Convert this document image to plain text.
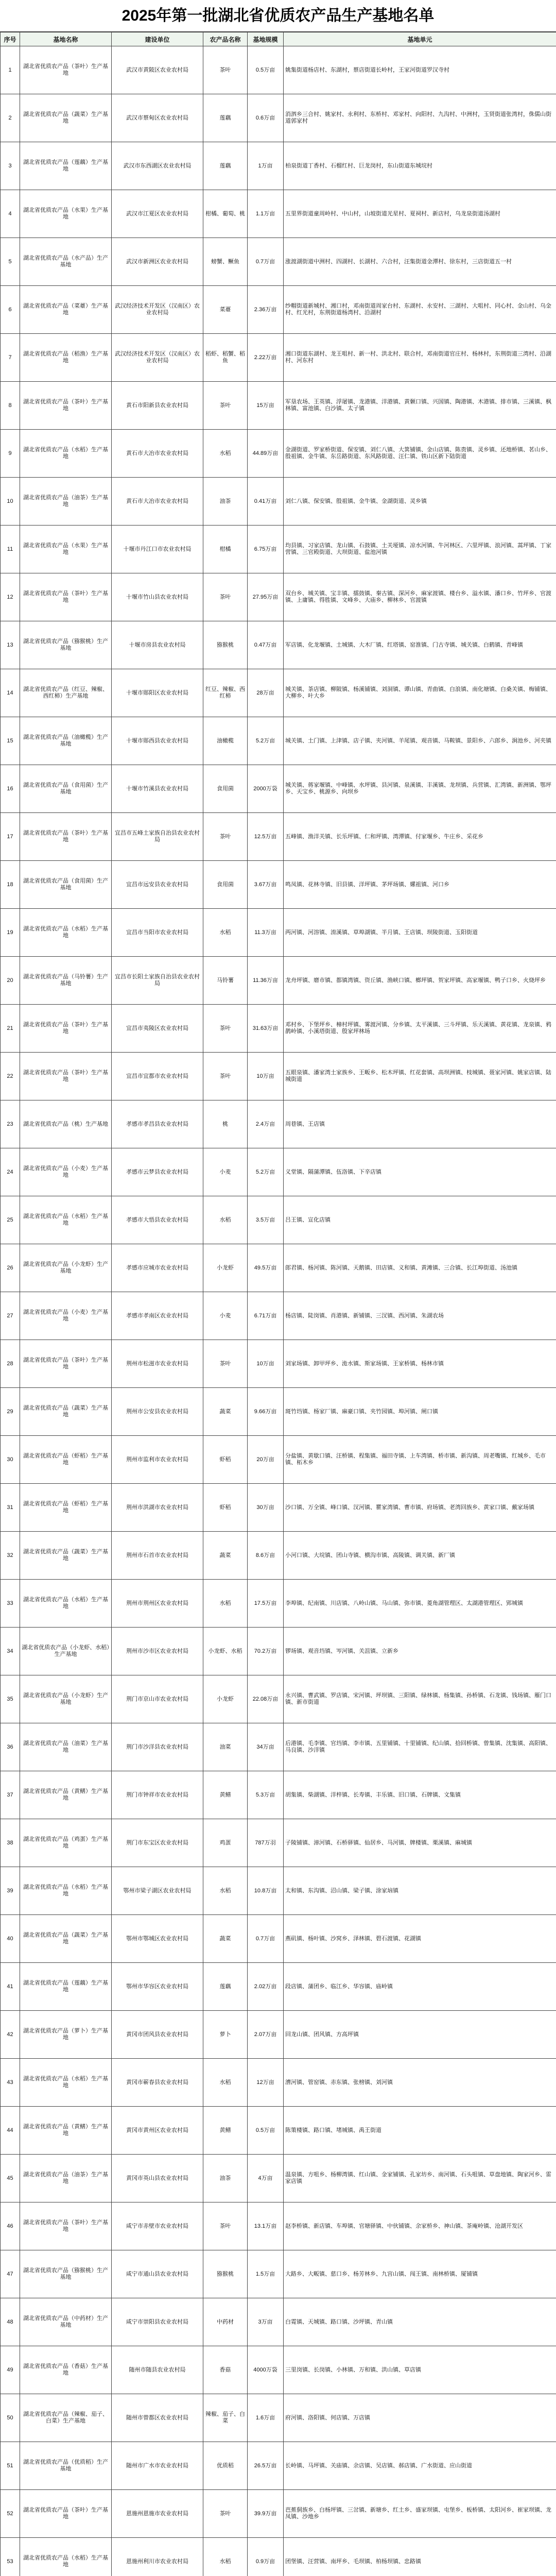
2025年第一批湖北省优质农产品生产基地名单
序号	基地名称	建设单位	农产品名称	基地规模	基地单元

1	湖北省优质农产品（茶叶）生产基地	武汉市黄陂区农业农村局	茶叶	0.5万亩	姚集街道杨店村、东湖村，蔡店街道长岭村，王家河街道罗汉寺村

2	湖北省优质农产品（蔬菜）生产基地	武汉市蔡甸区农业农村局	莲藕	0.6万亩	消泗乡三合村、姚家村、永利村、东桥村、邓家村、向阳村、九沟村、中洲村，玉贤街道张湾村，侏儒山街道郭家村

3	湖北省优质农产品（莲藕）生产基地	武汉市东西湖区农业农村局	莲藕	1万亩	柏泉街道丁香村、石榴红村、巨龙岗村，东山街道东城垸村

4	湖北省优质农产品（水果）生产基地	武汉市江夏区农业农村局	柑橘、葡萄、桃	1.1万亩	五里界街道童周岭村、中山村，山坡街道光星村、夏祠村、新店村，乌龙泉街道汤湖村

5	湖北省优质农产品（水产品）生产基地	武汉市新洲区农业农村局	螃蟹、鳜鱼	0.7万亩	涨渡湖街道中洲村、四湖村、长湖村、六合村，汪集街道金潭村、徐东村，三店街道五一村

6	湖北省优质农产品（菜薹）生产基地	武汉经济技术开发区（汉南区）农业农村局	菜薹	2.36万亩	纱帽街道新城村、湘口村，邓南街道周家台村、东湖村、永安村、三湖村、大咀村、同心村、金山村、乌金村、红光村，东荆街道杨湾村、沿湖村

7	湖北省优质农产品（稻渔）生产基地	武汉经济技术开发区（汉南区）农业农村局	稻虾、稻蟹、稻鱼	2.22万亩	湘口街道东湖村、龙王咀村、新一村、洪北村、联合村，邓南街道官庄村、杨林村，东荆街道三湾村、沿湖村、河东村

8	湖北省优质农产品（茶叶）生产基地	黄石市阳新县农业农村局	茶叶	15万亩	军垦农场、王英镇、浮屠镇、龙港镇、洋港镇、黄颡口镇、兴国镇、陶港镇、木港镇、排市镇、三溪镇、枫林镇、富池镇、白沙镇、太子镇

9	湖北省优质农产品（水稻）生产基地	黄石市大冶市农业农村局	水稻	44.89万亩	金湖街道、罗家桥街道、保安镇、刘仁八镇、大箕铺镇、金山店镇、陈贵镇、灵乡镇、还地桥镇、茗山乡、殷祖镇、金牛镇、东岳路街道、东风路街道、汪仁镇、铁山区新下陆街道

10	湖北省优质农产品（油茶）生产基地	黄石市大冶市农业农村局	油茶	0.41万亩	刘仁八镇、保安镇、殷祖镇、金牛镇、金湖街道、灵乡镇

11	湖北省优质农产品（水果）生产基地	十堰市丹江口市农业农村局	柑橘	6.75万亩	均县镇、习家店镇、龙山镇、石鼓镇、土关垭镇、凉水河镇、牛河林区、六里坪镇、浪河镇、蒿坪镇、丁家营镇、三官殿街道、大坝街道、盐池河镇

12	湖北省优质农产品（茶叶）生产基地	十堰市竹山县农业农村局	茶叶	27.95万亩	双台乡、城关镇、宝丰镇、擂鼓镇、秦古镇、深河乡、麻家渡镇、楼台乡、溢水镇、潘口乡、竹坪乡、官渡镇、上庸镇、得胜镇、文峰乡、大庙乡、柳林乡、官渡镇

13	湖北省优质农产品（猕猴桃）生产基地	十堰市房县农业农村局	猕猴桃	0.47万亩	军店镇、化龙堰镇、土城镇、大木厂镇、红塔镇、窑淮镇、门古寺镇、城关镇、白鹤镇、青峰镇

14	湖北省优质农产品（红豆、辣椒、西红柿）生产基地	十堰市郧阳区农业农村局	红豆、辣椒、西红柿	28万亩	城关镇、茶店镇、柳陂镇、杨溪铺镇、刘洞镇、谭山镇、青曲镇、白浪镇、南化塘镇、白桑关镇、梅铺镇、大柳乡、叶大乡

15	湖北省优质农产品（油橄榄）生产基地	十堰市郧西县农业农村局	油橄榄	5.2万亩	城关镇、土门镇、上津镇、店子镇、夹河镇、羊尾镇、观音镇、马鞍镇、景阳乡、六郎乡、涧池乡、河夹镇

16	湖北省优质农产品（食用菌）生产基地	十堰市竹溪县农业农村局	食用菌	2000万袋	城关镇、蒋家堰镇、中峰镇、水坪镇、县河镇、泉溪镇、丰溪镇、龙坝镇、兵营镇、汇湾镇、新洲镇、鄂坪乡、天宝乡、桃源乡、向坝乡

17	湖北省优质农产品（茶叶）生产基地	宜昌市五峰土家族自治县农业农村局	茶叶	12.5万亩	五峰镇、渔洋关镇、长乐坪镇、仁和坪镇、湾潭镇、付家堰乡、牛庄乡、采花乡

18	湖北省优质农产品（食用菌）生产基地	宜昌市远安县农业农村局	食用菌	3.67万亩	鸣凤镇、花林寺镇、旧县镇、洋坪镇、茅坪场镇、嫘祖镇、河口乡

19	湖北省优质农产品（水稻）生产基地	宜昌市当阳市农业农村局	水稻	11.3万亩	两河镇、河溶镇、淯溪镇、草埠湖镇、半月镇、王店镇、坝陵街道、玉阳街道

20	湖北省优质农产品（马铃薯）生产基地	宜昌市长阳土家族自治县农业农村局	马铃薯	11.36万亩	龙舟坪镇、磨市镇、都镇湾镇、资丘镇、渔峡口镇、榔坪镇、贺家坪镇、高家堰镇、鸭子口乡、火烧坪乡

21	湖北省优质农产品（茶叶）生产基地	宜昌市夷陵区农业农村局	茶叶	31.63万亩	邓村乡、下堡坪乡、樟村坪镇、雾渡河镇、分乡镇、太平溪镇、三斗坪镇、乐天溪镇、黄花镇、龙泉镇、鸦鹊岭镇、小溪塔街道、殷家坪林场

22	湖北省优质农产品（茶叶）生产基地	宜昌市宜都市农业农村局	茶叶	10万亩	五眼泉镇、潘家湾土家族乡、王畈乡、松木坪镇、红花套镇、高坝洲镇、枝城镇、聂家河镇、姚家店镇、陆城街道

23	湖北省优质农产品（桃）生产基地	孝感市孝昌县农业农村局	桃	2.4万亩	周巷镇、王店镇

24	湖北省优质农产品（小麦）生产基地	孝感市云梦县农业农村局	小麦	5.2万亩	义堂镇、隔蒲潭镇、伍洛镇、下辛店镇

25	湖北省优质农产品（水稻）生产基地	孝感市大悟县农业农村局	水稻	3.5万亩	吕王镇、宣化店镇

26	湖北省优质农产品（小龙虾）生产基地	孝感市应城市农业农村局	小龙虾	49.5万亩	郎君镇、杨河镇、陈河镇、天鹅镇、田店镇、义和镇、黄滩镇、三合镇、长江埠街道、汤池镇

27	湖北省优质农产品（小麦）生产基地	孝感市孝南区农业农村局	小麦	6.71万亩	杨店镇、陡岗镇、肖港镇、新铺镇、三汊镇、西河镇、朱湖农场

28	湖北省优质农产品（茶叶）生产基地	荆州市松滋市农业农村局	茶叶	10万亩	刘家场镇、卸甲坪乡、洈水镇、斯家场镇、王家桥镇、杨林市镇

29	湖北省优质农产品（蔬菜）生产基地	荆州市公安县农业农村局	蔬菜	9.66万亩	斑竹垱镇、杨家厂镇、麻豪口镇、夹竹园镇、埠河镇、闸口镇

30	湖北省优质农产品（虾稻）生产基地	荆州市监利市农业农村局	虾稻	20万亩	分盐镇、黄歇口镇、汪桥镇、程集镇、福田寺镇、上车湾镇、桥市镇、新沟镇、周老嘴镇、红城乡、毛市镇、柘木乡

31	湖北省优质农产品（虾稻）生产基地	荆州市洪湖市农业农村局	虾稻	30万亩	沙口镇、万全镇、峰口镇、汊河镇、瞿家湾镇、曹市镇、府场镇、老湾回族乡、黄家口镇、戴家场镇

32	湖北省优质农产品（蔬菜）生产基地	荆州市石首市农业农村局	蔬菜	8.6万亩	小河口镇、大垸镇、团山寺镇、横沟市镇、高陵镇、调关镇、新厂镇

33	湖北省优质农产品（水稻）生产基地	荆州市荆州区农业农村局	水稻	17.5万亩	李埠镇、纪南镇、川店镇、八岭山镇、马山镇、弥市镇、菱角湖管理区、太湖港管理区、郢城镇

34	湖北省优质农产品（小龙虾、水稻）生产基地	荆州市沙市区农业农村局	小龙虾、水稻	70.2万亩	锣场镇、观音垱镇、岑河镇、关沮镇、立新乡

35	湖北省优质农产品（小龙虾）生产基地	荆门市京山市农业农村局	小龙虾	22.08万亩	永兴镇、曹武镇、罗店镇、宋河镇、坪坝镇、三阳镇、绿林镇、杨集镇、孙桥镇、石龙镇、钱场镇、雁门口镇、新市街道

36	湖北省优质农产品（油菜）生产基地	荆门市沙洋县农业农村局	油菜	34万亩	后港镇、毛李镇、官垱镇、李市镇、五里铺镇、十里铺镇、纪山镇、拾回桥镇、曾集镇、沈集镇、高阳镇、马良镇、沙洋镇

37	湖北省优质农产品（黄鳝）生产基地	荆门市钟祥市农业农村局	黄鳝	5.3万亩	胡集镇、柴湖镇、洋梓镇、长寿镇、丰乐镇、旧口镇、石牌镇、文集镇

38	湖北省优质农产品（鸡蛋）生产基地	荆门市东宝区农业农村局	鸡蛋	787万羽	子陵铺镇、漳河镇、石桥驿镇、仙居乡、马河镇、牌楼镇、栗溪镇、麻城镇

39	湖北省优质农产品（水稻）生产基地	鄂州市梁子湖区农业农村局	水稻	10.8万亩	太和镇、东沟镇、沼山镇、梁子镇、涂家垴镇

40	湖北省优质农产品（蔬菜）生产基地	鄂州市鄂城区农业农村局	蔬菜	0.7万亩	燕矶镇、杨叶镇、沙窝乡、泽林镇、碧石渡镇、花湖镇

41	湖北省优质农产品（莲藕）生产基地	鄂州市华容区农业农村局	莲藕	2.02万亩	段店镇、蒲团乡、临江乡、华容镇、庙岭镇

42	湖北省优质农产品（萝卜）生产基地	黄冈市团风县农业农村局	萝卜	2.07万亩	回龙山镇、团风镇、方高坪镇

43	湖北省优质农产品（水稻）生产基地	黄冈市蕲春县农业农村局	水稻	12万亩	漕河镇、管窑镇、赤东镇、张榜镇、刘河镇

44	湖北省优质农产品（黄鳝）生产基地	黄冈市黄州区农业农村局	黄鳝	0.5万亩	陈策楼镇、路口镇、堵城镇、禹王街道

45	湖北省优质农产品（油茶）生产基地	黄冈市英山县农业农村局	油茶	4万亩	温泉镇、方咀乡、杨柳湾镇、红山镇、金家铺镇、孔家坊乡、南河镇、石头咀镇、草盘地镇、陶家河乡、雷家店镇

46	湖北省优质农产品（茶叶）生产基地	咸宁市赤壁市农业农村局	茶叶	13.1万亩	赵李桥镇、新店镇、车埠镇、官塘驿镇、中伙铺镇、余家桥乡、神山镇、茶庵岭镇、沧湖开发区

47	湖北省优质农产品（猕猴桃）生产基地	咸宁市通山县农业农村局	猕猴桃	1.5万亩	大路乡、大畈镇、慈口乡、杨芳林乡、九宫山镇、闯王镇、南林桥镇、厦铺镇

48	湖北省优质农产品（中药材）生产基地	咸宁市崇阳县农业农村局	中药材	3万亩	白霓镇、天城镇、路口镇、沙坪镇、青山镇

49	湖北省优质农产品（香菇）生产基地	随州市随县农业农村局	香菇	4000万袋	三里岗镇、长岗镇、小林镇、万和镇、洪山镇、草店镇

50	湖北省优质农产品（辣椒、茄子、白菜）生产基地	随州市曾都区农业农村局	辣椒、茄子、白菜	1.6万亩	府河镇、洛阳镇、何店镇、万店镇

51	湖北省优质农产品（优质稻）生产基地	随州市广水市农业农村局	优质稻	26.5万亩	长岭镇、马坪镇、关庙镇、余店镇、吴店镇、郝店镇、广水街道、应山街道

52	湖北省优质农产品（茶叶）生产基地	恩施州恩施市农业农村局	茶叶	39.9万亩	芭蕉侗族乡、白杨坪镇、三岔镇、新塘乡、红土乡、盛家坝镇、屯堡乡、板桥镇、太阳河乡、崔家坝镇、龙凤镇、沙地乡

53	湖北省优质农产品（水稻）生产基地	恩施州利川市农业农村局	水稻	0.9万亩	团堡镇、汪营镇、南坪乡、毛坝镇、柏杨坝镇、忠路镇
